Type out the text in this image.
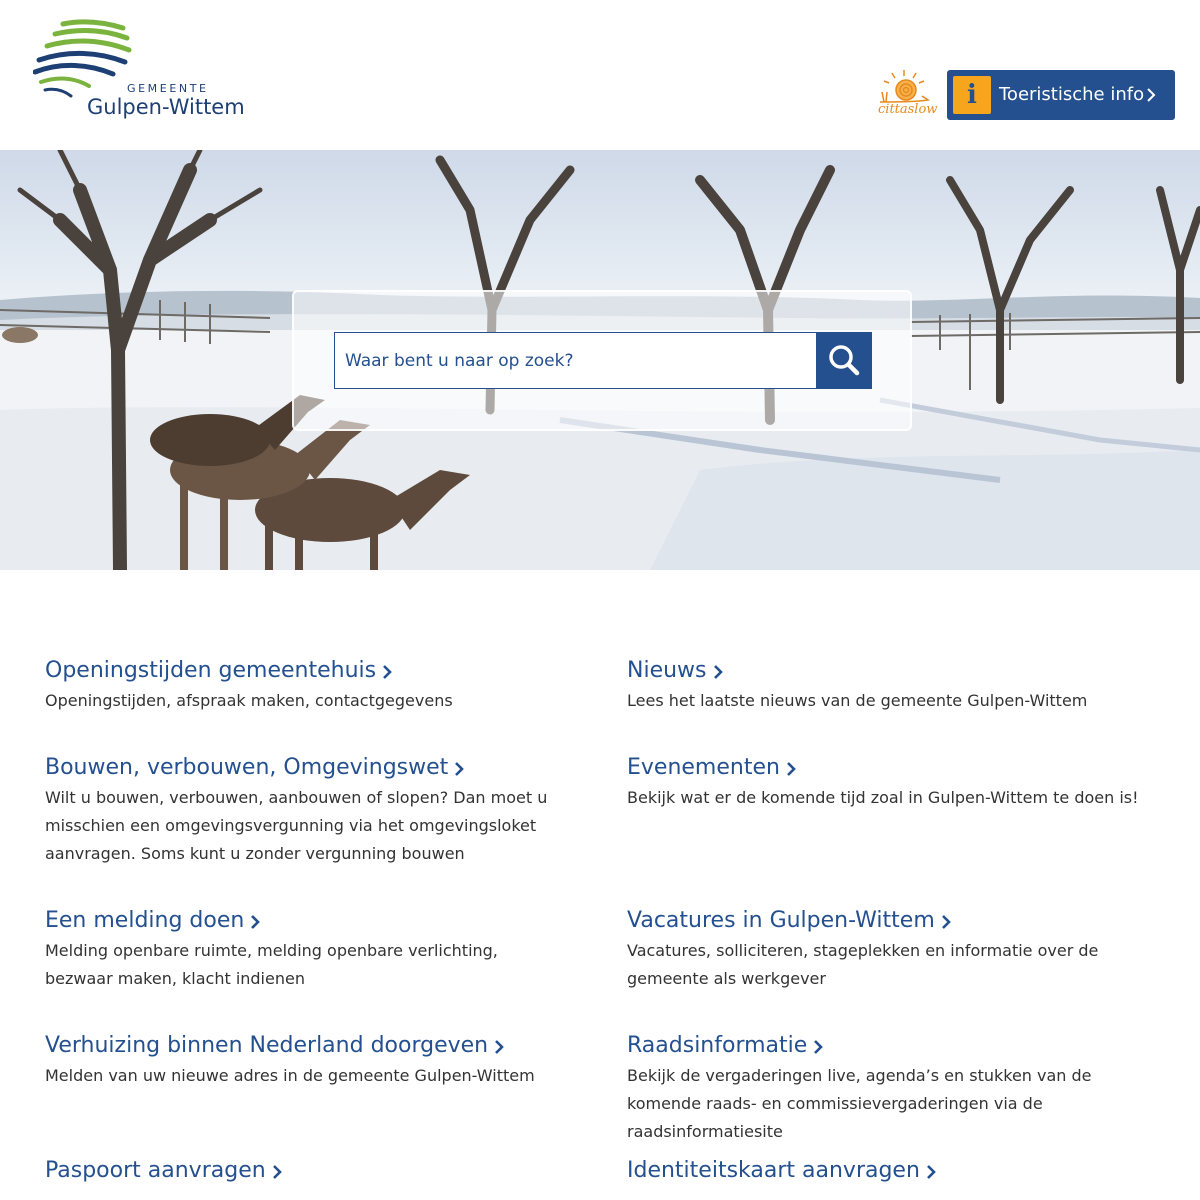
GEMEENTE
Gulpen-Wittem	cittaslow	i	Toeristische info
Waar bent u naar op zoek?
Openingstijden gemeentehuis

Openingstijden, afspraak maken, contactgegevens

Nieuws

Lees het laatste nieuws van de gemeente Gulpen-Wittem

Bouwen, verbouwen, Omgevingswet

Wilt u bouwen, verbouwen, aanbouwen of slopen? Dan moet u misschien een omgevingsvergunning via het omgevingsloket aanvragen. Soms kunt u zonder vergunning bouwen

Evenementen

Bekijk wat er de komende tijd zoal in Gulpen-Wittem te doen is!

Een melding doen

Melding openbare ruimte, melding openbare verlichting, bezwaar maken, klacht indienen

Vacatures in Gulpen-Wittem

Vacatures, solliciteren, stageplekken en informatie over de gemeente als werkgever

Verhuizing binnen Nederland doorgeven

Melden van uw nieuwe adres in de gemeente Gulpen-Wittem

Raadsinformatie

Bekijk de vergaderingen live, agenda’s en stukken van de komende raads- en commissievergaderingen via de raadsinformatiesite

Paspoort aanvragen	Identiteitskaart aanvragen
